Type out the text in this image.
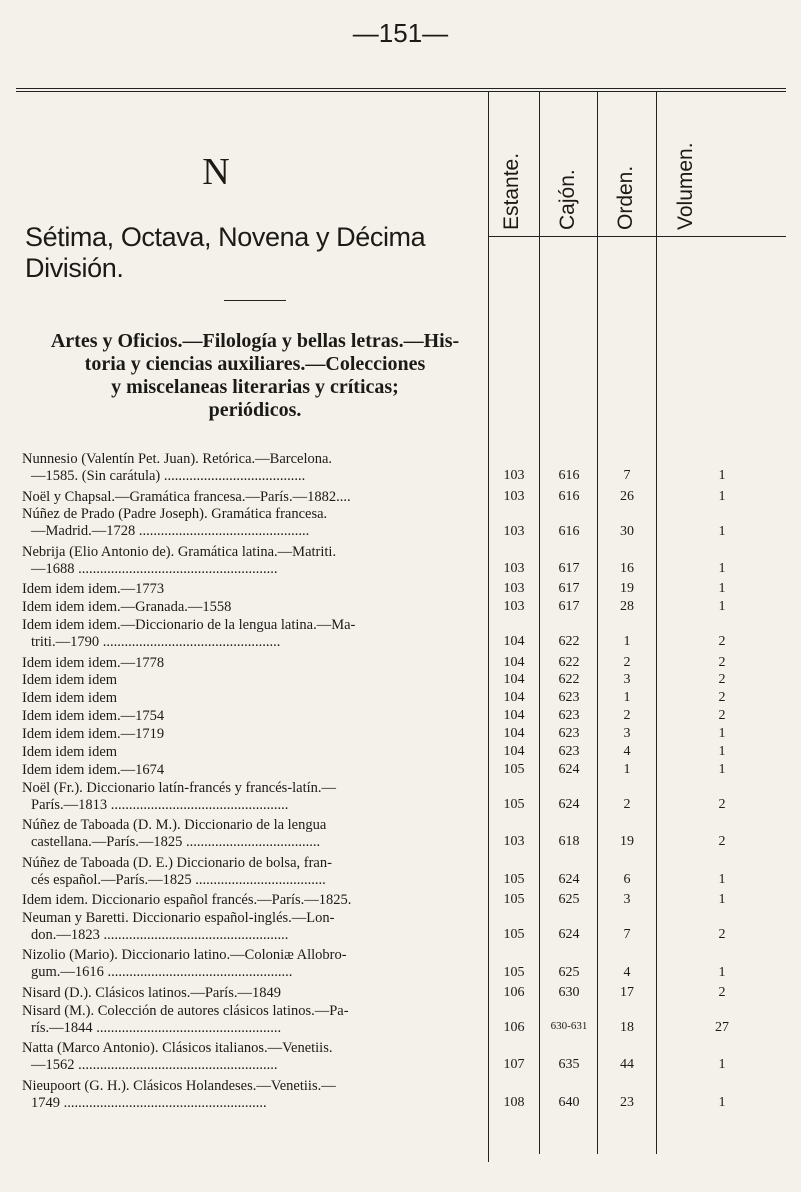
—151—
N
Sétima, Octava, Novena y Décima División.
Artes y Oficios.—Filología y bellas letras.—His-
toria y ciencias auxiliares.—Colecciones
y miscelaneas literarias y críticas;
periódicos.
Estante. Cajón. Orden. Volumen.
Nunnesio (Valentín Pet. Juan). Retórica.—Barcelona.
—1585. (Sin carátula) .......................................	103	616	7	1
Noël y Chapsal.—Gramática francesa.—París.—1882....	103	616	26	1
Núñez de Prado (Padre Joseph). Gramática francesa.
—Madrid.—1728 ...............................................	103	616	30	1
Nebrija (Elio Antonio de). Gramática latina.—Matriti.
—1688 .......................................................	103	617	16	1
Idem idem idem.—1773	103	617	19	1
Idem idem idem.—Granada.—1558	103	617	28	1
Idem idem idem.—Diccionario de la lengua latina.—Ma-
triti.—1790 .................................................	104	622	1	2
Idem idem idem.—1778	104	622	2	2
Idem idem idem	104	622	3	2
Idem idem idem	104	623	1	2
Idem idem idem.—1754	104	623	2	2
Idem idem idem.—1719	104	623	3	1
Idem idem idem	104	623	4	1
Idem idem idem.—1674	105	624	1	1
Noël (Fr.). Diccionario latín-francés y francés-latín.—
París.—1813 .................................................	105	624	2	2
Núñez de Taboada (D. M.). Diccionario de la lengua
castellana.—París.—1825 .....................................	103	618	19	2
Núñez de Taboada (D. E.) Diccionario de bolsa, fran-
cés español.—París.—1825 ....................................	105	624	6	1
Idem idem. Diccionario español francés.—París.—1825.	105	625	3	1
Neuman y Baretti. Diccionario español-inglés.—Lon-
don.—1823 ...................................................	105	624	7	2
Nizolio (Mario). Diccionario latino.—Coloniæ Allobro-
gum.—1616 ...................................................	105	625	4	1
Nisard (D.). Clásicos latinos.—París.—1849	106	630	17	2
Nisard (M.). Colección de autores clásicos latinos.—Pa-
rís.—1844 ...................................................	106	630-631	18	27
Natta (Marco Antonio). Clásicos italianos.—Venetiis.
—1562 .......................................................	107	635	44	1
Nieupoort (G. H.). Clásicos Holandeses.—Venetiis.—
1749 ........................................................	108	640	23	1
